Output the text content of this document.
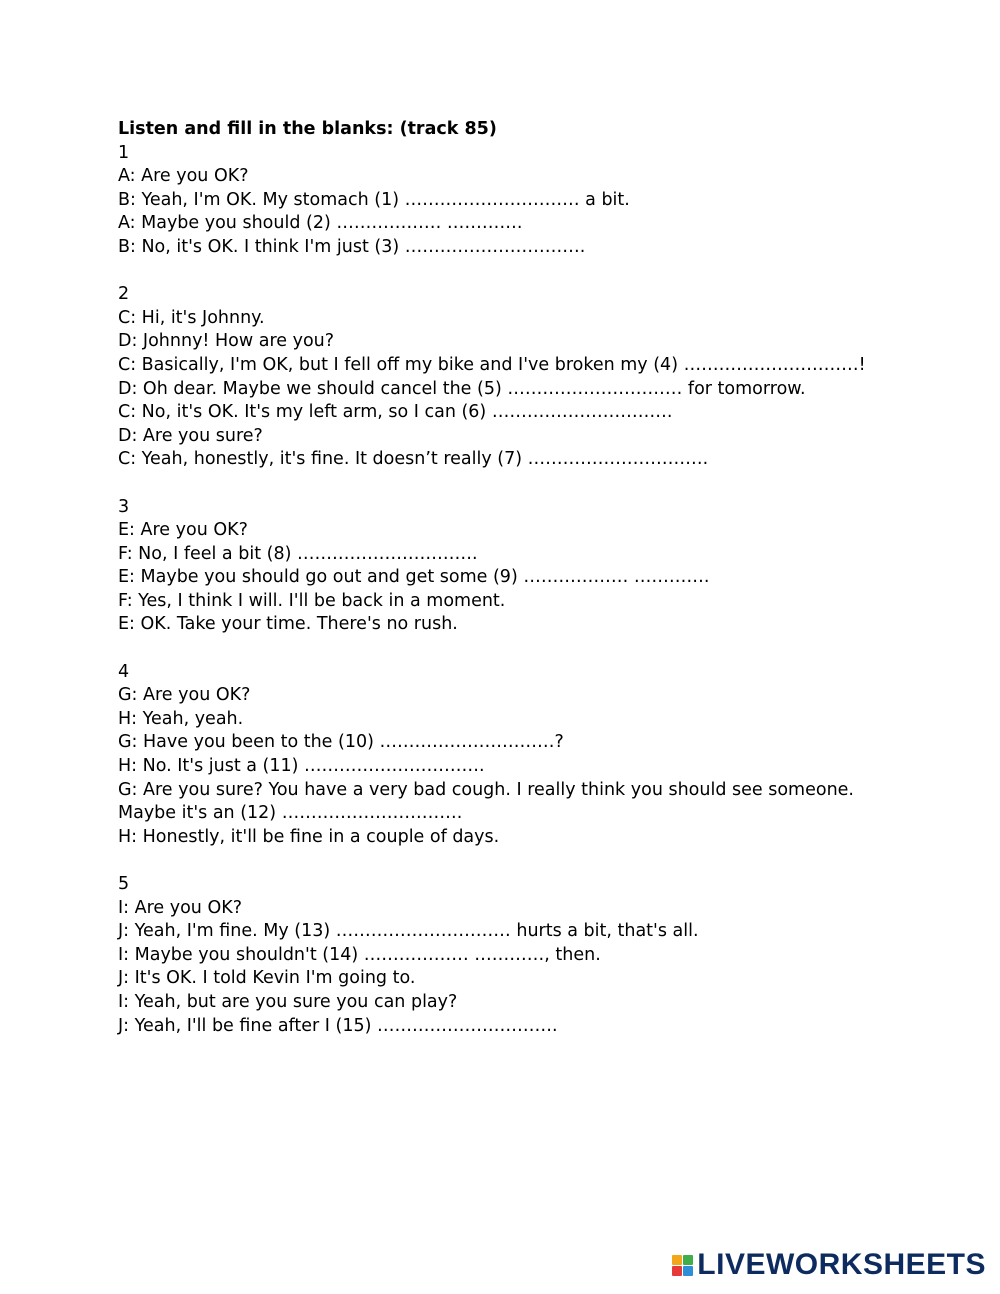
Listen and fill in the blanks: (track 85)

1
A: Are you OK?
B: Yeah, I'm OK. My stomach (1) ………………………… a bit.
A: Maybe you should (2) ……………… ………….
B: No, it's OK. I think I'm just (3) ………………………….
2
C: Hi, it's Johnny.
D: Johnny! How are you?
C: Basically, I'm OK, but I fell off my bike and I've broken my (4) …………………………!
D: Oh dear. Maybe we should cancel the (5) ………………………… for tomorrow.
C: No, it's OK. It's my left arm, so I can (6) ………………………….
D: Are you sure?
C: Yeah, honestly, it's fine. It doesn’t really (7) ………………………….
3
E: Are you OK?
F: No, I feel a bit (8) ………………………….
E: Maybe you should go out and get some (9) ……………… ………….
F: Yes, I think I will. I'll be back in a moment.
E: OK. Take your time. There's no rush.
4
G: Are you OK?
H: Yeah, yeah.
G: Have you been to the (10) …………………………?
H: No. It's just a (11) ………………………….
G: Are you sure? You have a very bad cough. I really think you should see someone.
Maybe it's an (12) ………………………….
H: Honestly, it'll be fine in a couple of days.
5
I: Are you OK?
J: Yeah, I'm fine. My (13) ………………………… hurts a bit, that's all.
I: Maybe you shouldn't (14) ……………… …………, then.
J: It's OK. I told Kevin I'm going to.
I: Yeah, but are you sure you can play?
J: Yeah, I'll be fine after I (15) ………………………….
LIVEWORKSHEETS
